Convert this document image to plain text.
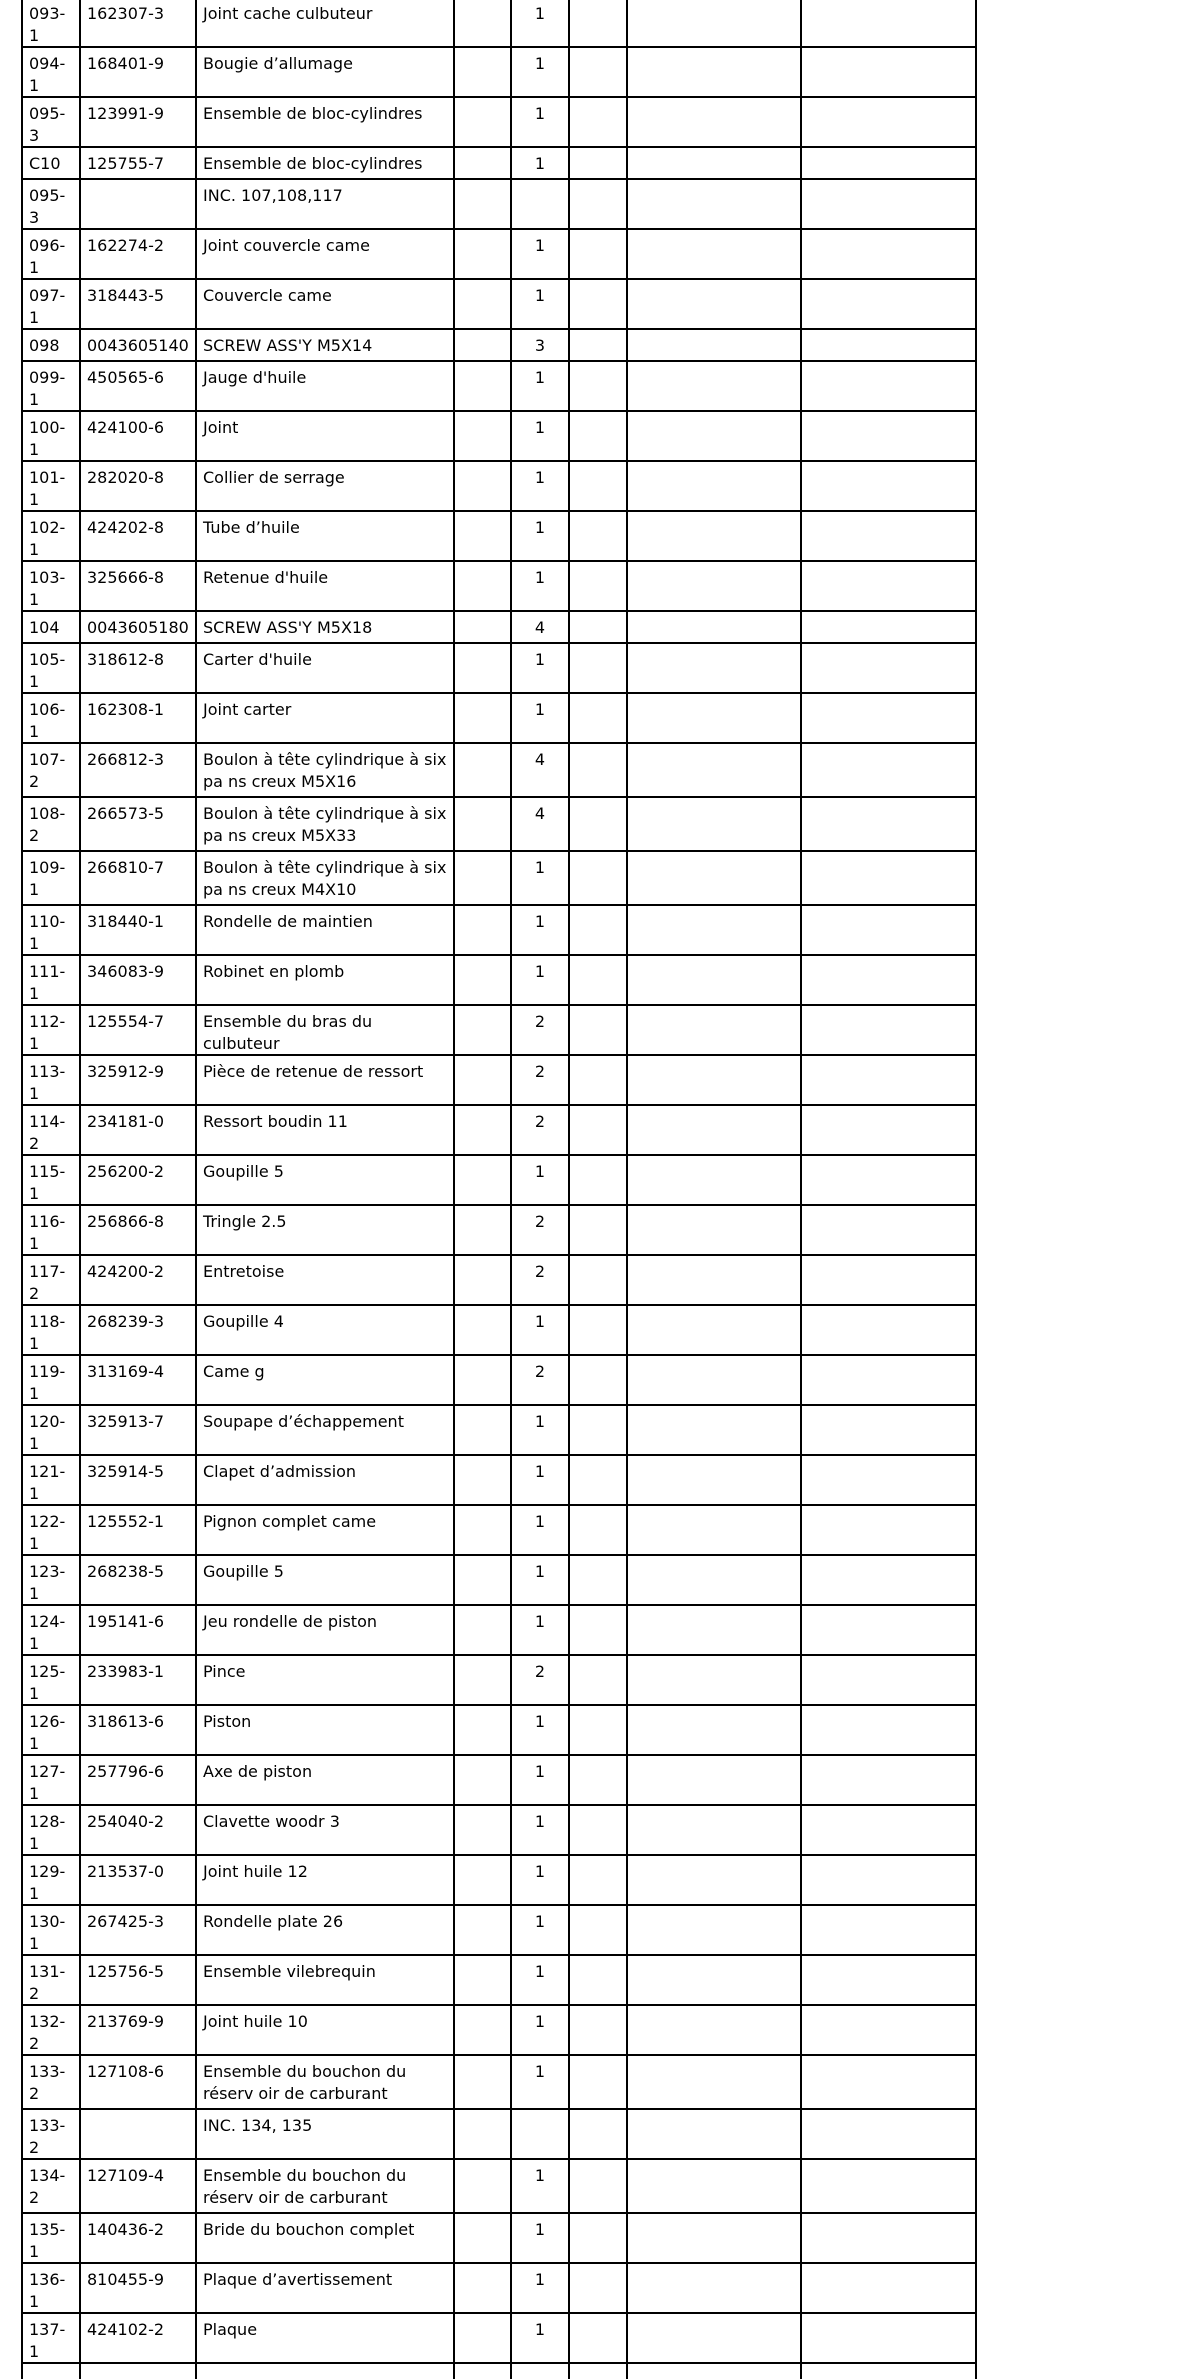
093-1	162307-3	Joint cache culbuteur		1			

094-1	168401-9	Bougie d’allumage		1			

095-3	123991-9	Ensemble de bloc-cylindres		1			

C10	125755-7	Ensemble de bloc-cylindres		1			

095-3		INC. 107,108,117					

096-1	162274-2	Joint couvercle came		1			

097-1	318443-5	Couvercle came		1			

098	0043605140	SCREW ASS'Y M5X14		3			

099-1	450565-6	Jauge d'huile		1			

100-1	424100-6	Joint		1			

101-1	282020-8	Collier de serrage		1			

102-1	424202-8	Tube d’huile		1			

103-1	325666-8	Retenue d'huile		1			

104	0043605180	SCREW ASS'Y M5X18		4			

105-1	318612-8	Carter d'huile		1			

106-1	162308-1	Joint carter		1			

107-2	266812-3	Boulon à tête cylindrique à six pa ns creux M5X16		4			

108-2	266573-5	Boulon à tête cylindrique à six pa ns creux M5X33		4			

109-1	266810-7	Boulon à tête cylindrique à six pa ns creux M4X10		1			

110-1	318440-1	Rondelle de maintien		1			

111-1	346083-9	Robinet en plomb		1			

112-1	125554-7	Ensemble du bras du culbuteur		2			

113-1	325912-9	Pièce de retenue de ressort		2			

114-2	234181-0	Ressort boudin 11		2			

115-1	256200-2	Goupille 5		1			

116-1	256866-8	Tringle 2.5		2			

117-2	424200-2	Entretoise		2			

118-1	268239-3	Goupille 4		1			

119-1	313169-4	Came g		2			

120-1	325913-7	Soupape d’échappement		1			

121-1	325914-5	Clapet d’admission		1			

122-1	125552-1	Pignon complet came		1			

123-1	268238-5	Goupille 5		1			

124-1	195141-6	Jeu rondelle de piston		1			

125-1	233983-1	Pince		2			

126-1	318613-6	Piston		1			

127-1	257796-6	Axe de piston		1			

128-1	254040-2	Clavette woodr 3		1			

129-1	213537-0	Joint huile 12		1			

130-1	267425-3	Rondelle plate 26		1			

131-2	125756-5	Ensemble vilebrequin		1			

132-2	213769-9	Joint huile 10		1			

133-2	127108-6	Ensemble du bouchon du réserv oir de carburant		1			

133-2		INC. 134, 135					

134-2	127109-4	Ensemble du bouchon du réserv oir de carburant		1			

135-1	140436-2	Bride du bouchon complet		1			

136-1	810455-9	Plaque d’avertissement		1			

137-1	424102-2	Plaque		1			
